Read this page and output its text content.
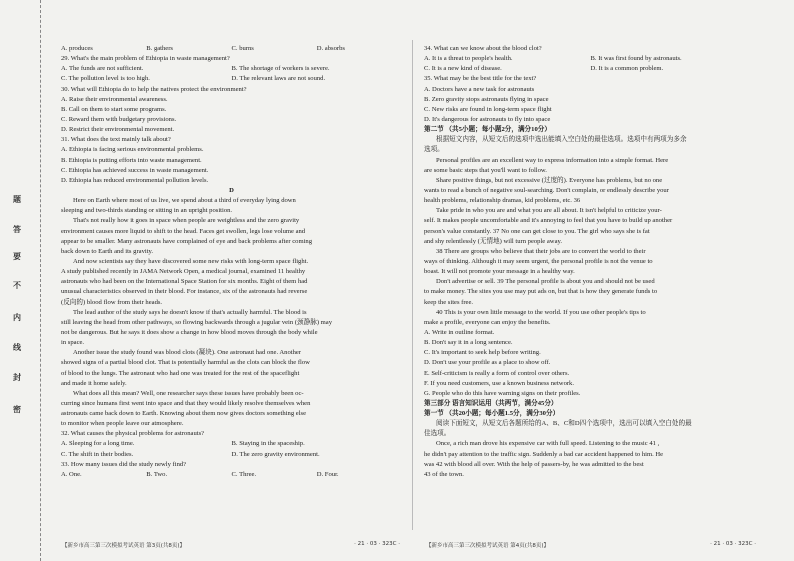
题
答
要
不
内
线
封
密
A. produces	B. gathers	C. burns	D. absorbs
29. What's the main problem of Ethiopia in waste management?
A. The funds are not sufficient.	B. The shortage of workers is severe.
C. The pollution level is too high.	D. The relevant laws are not sound.
30. What will Ethiopia do to help the natives protect the environment?
A. Raise their environmental awareness.
B. Call on them to start some programs.
C. Reward them with budgetary provisions.
D. Restrict their environmental movement.
31. What does the text mainly talk about?
A. Ethiopia is facing serious environmental problems.
B. Ethiopia is putting efforts into waste management.
C. Ethiopia has achieved success in waste management.
D. Ethiopia has reduced environmental pollution levels.
D
Here on Earth where most of us live, we spend about a third of everyday lying down
sleeping and two-thirds standing or sitting in an upright position.
That's not really how it goes in space when people are weightless and the zero gravity
environment causes more liquid to shift to the head. Faces get swollen, legs lose volume and
appear to be smaller. Many astronauts have complained of eye and back problems after coming
back down to Earth and its gravity.
And now scientists say they have discovered some new risks with long-term space flight.
A study published recently in JAMA Network Open, a medical journal, examined 11 healthy
astronauts who had been on the International Space Station for six months. Eight of them had
unusual characteristics observed in their blood. For instance, six of the astronauts had reverse
(反向的) blood flow from their heads.
The lead author of the study says he doesn't know if that's actually harmful. The blood is
still leaving the head from other pathways, so flowing backwards through a jugular vein (颈静脉) may
not be dangerous. But he says it does show a change in how blood moves through the body while
in space.
Another issue the study found was blood clots (凝块). One astronaut had one. Another
showed signs of a partial blood clot. That is potentially harmful as the clots can block the flow
of blood to the lungs. The astronaut who had one was treated for the rest of the spaceflight
and made it home safely.
What does all this mean? Well, one researcher says these issues have probably been oc-
curring since humans first went into space and that they would likely resolve themselves when
astronauts came back down to Earth. Knowing about them now gives doctors something else
to monitor when people leave our atmosphere.
32. What causes the physical problems for astronauts?
A. Sleeping for a long time.	B. Staying in the spaceship.
C. The shift in their bodies.	D. The zero gravity environment.
33. How many issues did the study newly find?
A. One.	B. Two.	C. Three.	D. Four.
34. What can we know about the blood clot?
A. It is a threat to people's health.	B. It was first found by astronauts.
C. It is a new kind of disease.	D. It is a common problem.
35. What may be the best title for the text?
A. Doctors have a new task for astronauts
B. Zero gravity stops astronauts flying in space
C. New risks are found in long-term space flight
D. It's dangerous for astronauts to fly into space
第二节 （共5小题；每小题2分，满分10分）
根据短文内容，从短文后的选项中选出能填入空白处的最佳选项。选项中有两项为多余
选项。
Personal profiles are an excellent way to express information into a simple format. Here
are some basic steps that you'll want to follow.
Share positive things, but not excessive (过度的). Everyone has problems, but no one
wants to read a bunch of negative soul-searching. Don't complain, or endlessly describe your
health problems, relationship dramas, kid problems, etc. 36
Take pride in who you are and what you are all about. It isn't helpful to criticize your-
self. It makes people uncomfortable and it's annoying to feel that you have to build up another
person's value constantly. 37 No one can get close to you. The girl who says she is fat
and shy relentlessly (无情地) will turn people away.
38 There are groups who believe that their jobs are to convert the world to their
ways of thinking. Although it may seem urgent, the personal profile is not the venue to
boast. It will not promote your message in a healthy way.
Don't advertise or sell. 39 The personal profile is about you and should not be used
to make money. The sites you use may put ads on, but that is how they generate funds to
keep the sites free.
40 This is your own little message to the world. If you use other people's tips to
make a profile, everyone can enjoy the benefits.
A. Write in outline format.
B. Don't say it in a long sentence.
C. It's important to seek help before writing.
D. Don't use your profile as a place to show off.
E. Self-criticism is really a form of control over others.
F. If you need customers, use a known business network.
G. People who do this have warning signs on their profiles.
第三部分 语言知识运用（共两节，满分45分）
第一节 （共20小题；每小题1.5分，满分30分）
阅读下面短文，从短文后各题所给的A、B、C和D四个选项中，选出可以填入空白处的最
佳选项。
Once, a rich man drove his expensive car with full speed. Listening to the music 41 ,
he didn't pay attention to the traffic sign. Suddenly a bad car accident happened to him. He
was 42 with blood all over. With the help of passers-by, he was admitted to the best
43 of the town.
【新乡市高三第三次模拟考试英语 第3页(共8页)】	· 21 · 03 · 323C ·	【新乡市高三第三次模拟考试英语 第4页(共8页)】	· 21 · 03 · 323C ·
